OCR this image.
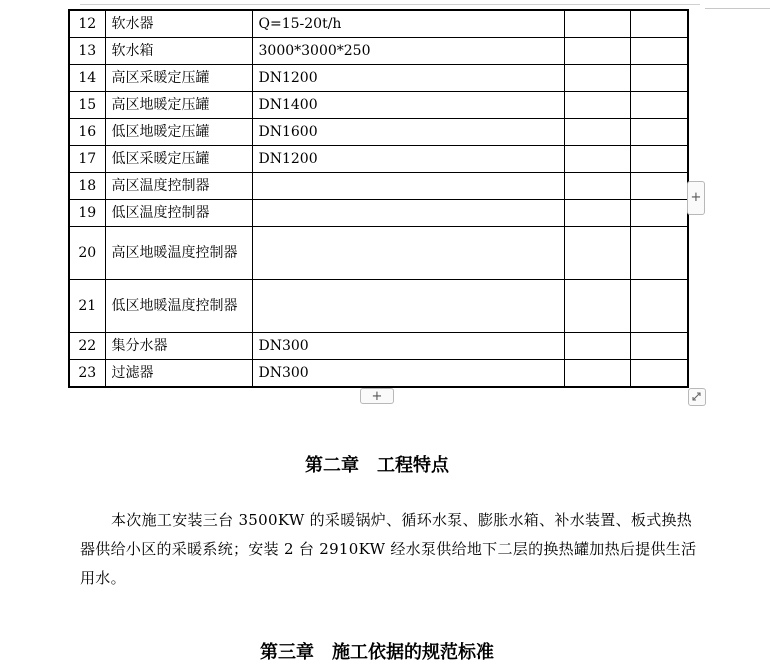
12	软水器	Q=15-20t/h		
13	软水箱	3000*3000*250		
14	高区采暖定压罐	DN1200		
15	高区地暖定压罐	DN1400		
16	低区地暖定压罐	DN1600		
17	低区采暖定压罐	DN1200		
18	高区温度控制器			
19	低区温度控制器			
20	高区地暖温度控制器			
21	低区地暖温度控制器			
22	集分水器	DN300		
23	过滤器	DN300		
+
+
第二章　工程特点

本次施工安装三台 3500KW 的采暖锅炉、循环水泵、膨胀水箱、补水装置、板式换热器供给小区的采暖系统；安装 2 台 2910KW 经水泵供给地下二层的换热罐加热后提供生活用水。

第三章　施工依据的规范标准
